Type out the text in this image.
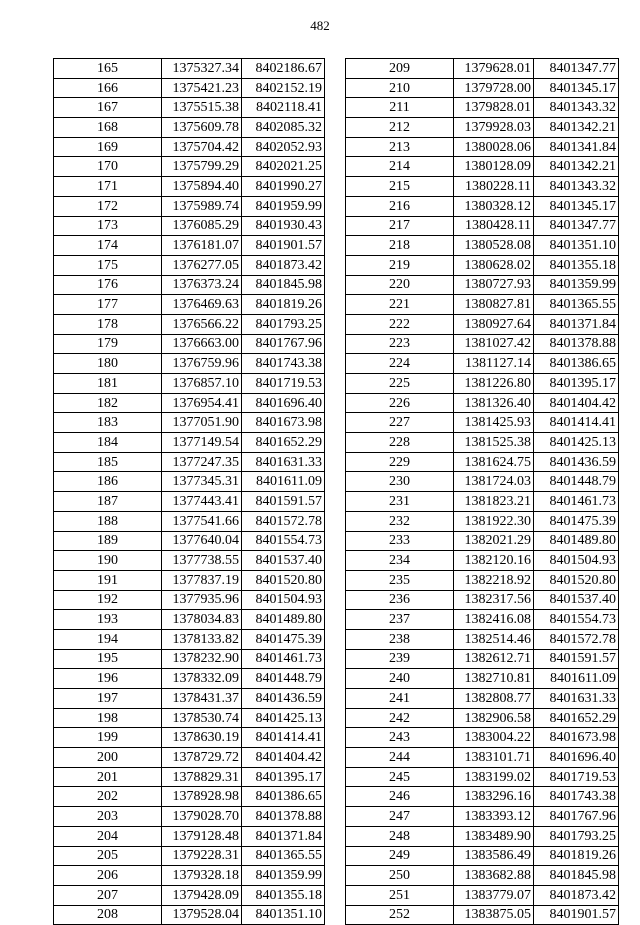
482
165	1375327.34	8402186.67
166	1375421.23	8402152.19
167	1375515.38	8402118.41
168	1375609.78	8402085.32
169	1375704.42	8402052.93
170	1375799.29	8402021.25
171	1375894.40	8401990.27
172	1375989.74	8401959.99
173	1376085.29	8401930.43
174	1376181.07	8401901.57
175	1376277.05	8401873.42
176	1376373.24	8401845.98
177	1376469.63	8401819.26
178	1376566.22	8401793.25
179	1376663.00	8401767.96
180	1376759.96	8401743.38
181	1376857.10	8401719.53
182	1376954.41	8401696.40
183	1377051.90	8401673.98
184	1377149.54	8401652.29
185	1377247.35	8401631.33
186	1377345.31	8401611.09
187	1377443.41	8401591.57
188	1377541.66	8401572.78
189	1377640.04	8401554.73
190	1377738.55	8401537.40
191	1377837.19	8401520.80
192	1377935.96	8401504.93
193	1378034.83	8401489.80
194	1378133.82	8401475.39
195	1378232.90	8401461.73
196	1378332.09	8401448.79
197	1378431.37	8401436.59
198	1378530.74	8401425.13
199	1378630.19	8401414.41
200	1378729.72	8401404.42
201	1378829.31	8401395.17
202	1378928.98	8401386.65
203	1379028.70	8401378.88
204	1379128.48	8401371.84
205	1379228.31	8401365.55
206	1379328.18	8401359.99
207	1379428.09	8401355.18
208	1379528.04	8401351.10
209	1379628.01	8401347.77
210	1379728.00	8401345.17
211	1379828.01	8401343.32
212	1379928.03	8401342.21
213	1380028.06	8401341.84
214	1380128.09	8401342.21
215	1380228.11	8401343.32
216	1380328.12	8401345.17
217	1380428.11	8401347.77
218	1380528.08	8401351.10
219	1380628.02	8401355.18
220	1380727.93	8401359.99
221	1380827.81	8401365.55
222	1380927.64	8401371.84
223	1381027.42	8401378.88
224	1381127.14	8401386.65
225	1381226.80	8401395.17
226	1381326.40	8401404.42
227	1381425.93	8401414.41
228	1381525.38	8401425.13
229	1381624.75	8401436.59
230	1381724.03	8401448.79
231	1381823.21	8401461.73
232	1381922.30	8401475.39
233	1382021.29	8401489.80
234	1382120.16	8401504.93
235	1382218.92	8401520.80
236	1382317.56	8401537.40
237	1382416.08	8401554.73
238	1382514.46	8401572.78
239	1382612.71	8401591.57
240	1382710.81	8401611.09
241	1382808.77	8401631.33
242	1382906.58	8401652.29
243	1383004.22	8401673.98
244	1383101.71	8401696.40
245	1383199.02	8401719.53
246	1383296.16	8401743.38
247	1383393.12	8401767.96
248	1383489.90	8401793.25
249	1383586.49	8401819.26
250	1383682.88	8401845.98
251	1383779.07	8401873.42
252	1383875.05	8401901.57
